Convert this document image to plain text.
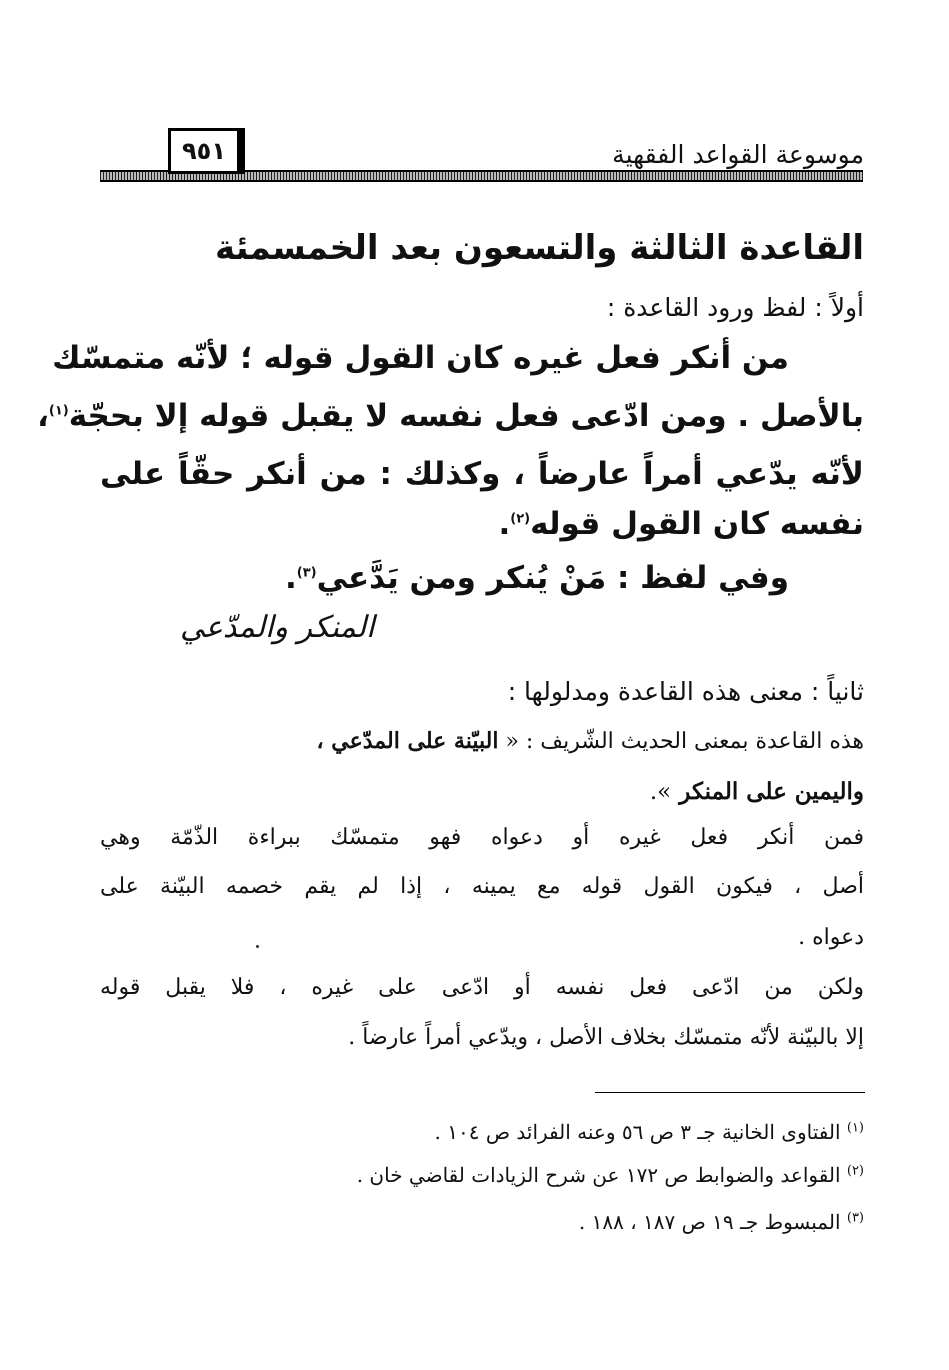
موسوعة القواعد الفقهية
٩٥١
القاعدة الثالثة والتسعون بعد الخمسمئة
أولاً : لفظ ورود القاعدة :
من أنكر فعل غيره كان القول قوله ؛ لأنّه متمسّك
بالأصل . ومن ادّعى فعل نفسه لا يقبل قوله إلا بحجّة$^{(١)}$،
لأنّه يدّعي أمراً عارضاً ، وكذلك : من أنكر حقّاً على
نفسه كان القول قوله$^{(٢)}$.
وفي لفظ : مَنْ يُنكر ومن يَدَّعي$^{(٣)}$.
المنكر والمدّعي
ثانياً : معنى هذه القاعدة ومدلولها :
هذه القاعدة بمعنى الحديث الشّريف : « البيّنة على المدّعي ،
واليمين على المنكر ».
فمن أنكر فعل غيره أو دعواه فهو متمسّك ببراءة الذّمّة وهي
أصل ، فيكون القول قوله مع يمينه ، إذا لم يقم خصمه البيّنة على
دعواه .
ولكن من ادّعى فعل نفسه أو ادّعى على غيره ، فلا يقبل قوله
إلا بالبيّنة لأنّه متمسّك بخلاف الأصل ، ويدّعي أمراً عارضاً .
$^{(١)}$ الفتاوى الخانية جـ ٣ ص ٥٦ وعنه الفرائد ص ١٠٤ .
$^{(٢)}$ القواعد والضوابط ص ١٧٢ عن شرح الزيادات لقاضي خان .
$^{(٣)}$ المبسوط جـ ١٩ ص ١٨٧ ، ١٨٨ .
